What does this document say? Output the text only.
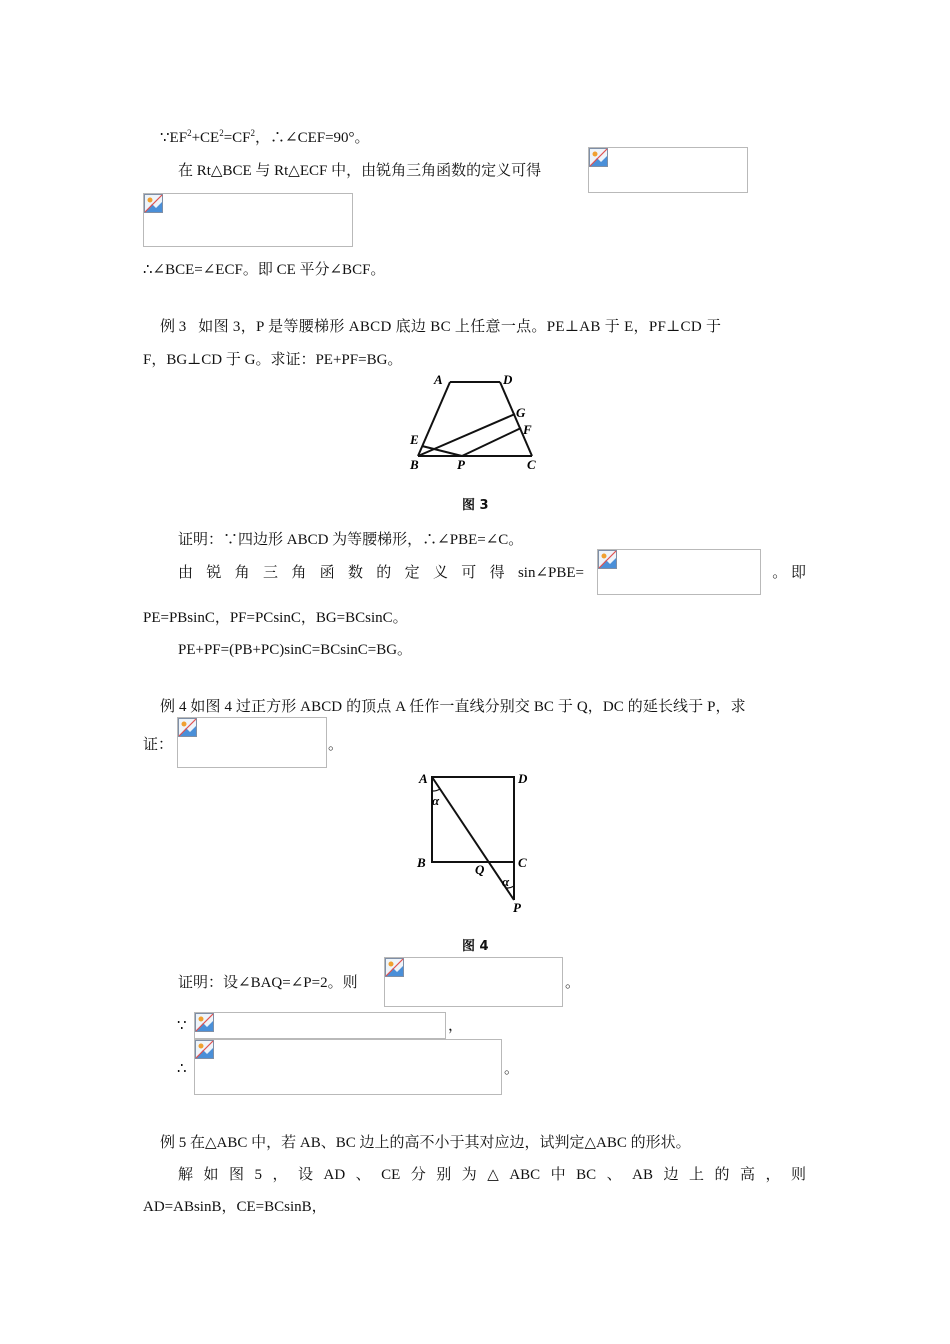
$\because EF^2+CE^2=CF^2$，∴∠CEF=90°。
在 Rt△BCE 与 Rt△ECF 中，由锐角三角函数的定义可得
∴∠BCE=∠ECF。即 CE 平分∠BCF。
例 3 如图 3，P 是等腰梯形 ABCD 底边 BC 上任意一点。PE⊥AB 于 E，PF⊥CD 于
F，BG⊥CD 于 G。求证：PE+PF=BG。
A	D
G
F
E
B	P	C
图 3
证明：∵四边形 ABCD 为等腰梯形，∴∠PBE=∠C。
由 锐 角 三 角 函 数 的 定 义 可 得 sin∠PBE=	。 即
PE=PBsinC，PF=PCsinC，BG=BCsinC。
PE+PF=(PB+PC)sinC=BCsinC=BG。
例 4 如图 4 过正方形 ABCD 的顶点 A 任作一直线分别交 BC 于 Q，DC 的延长线于 P，求
证：	。
A	D
B	C
Q
P
α
α
图 4
证明：设∠BAQ=∠P=2。则	。
∵	，
∴	。
例 5 在△ABC 中，若 AB、BC 边上的高不小于其对应边，试判定△ABC 的形状。
解 如 图 5 ， 设 AD 、 CE 分 别 为 △ ABC 中 BC 、 AB 边 上 的 高 ， 则
AD=ABsinB，CE=BCsinB，
